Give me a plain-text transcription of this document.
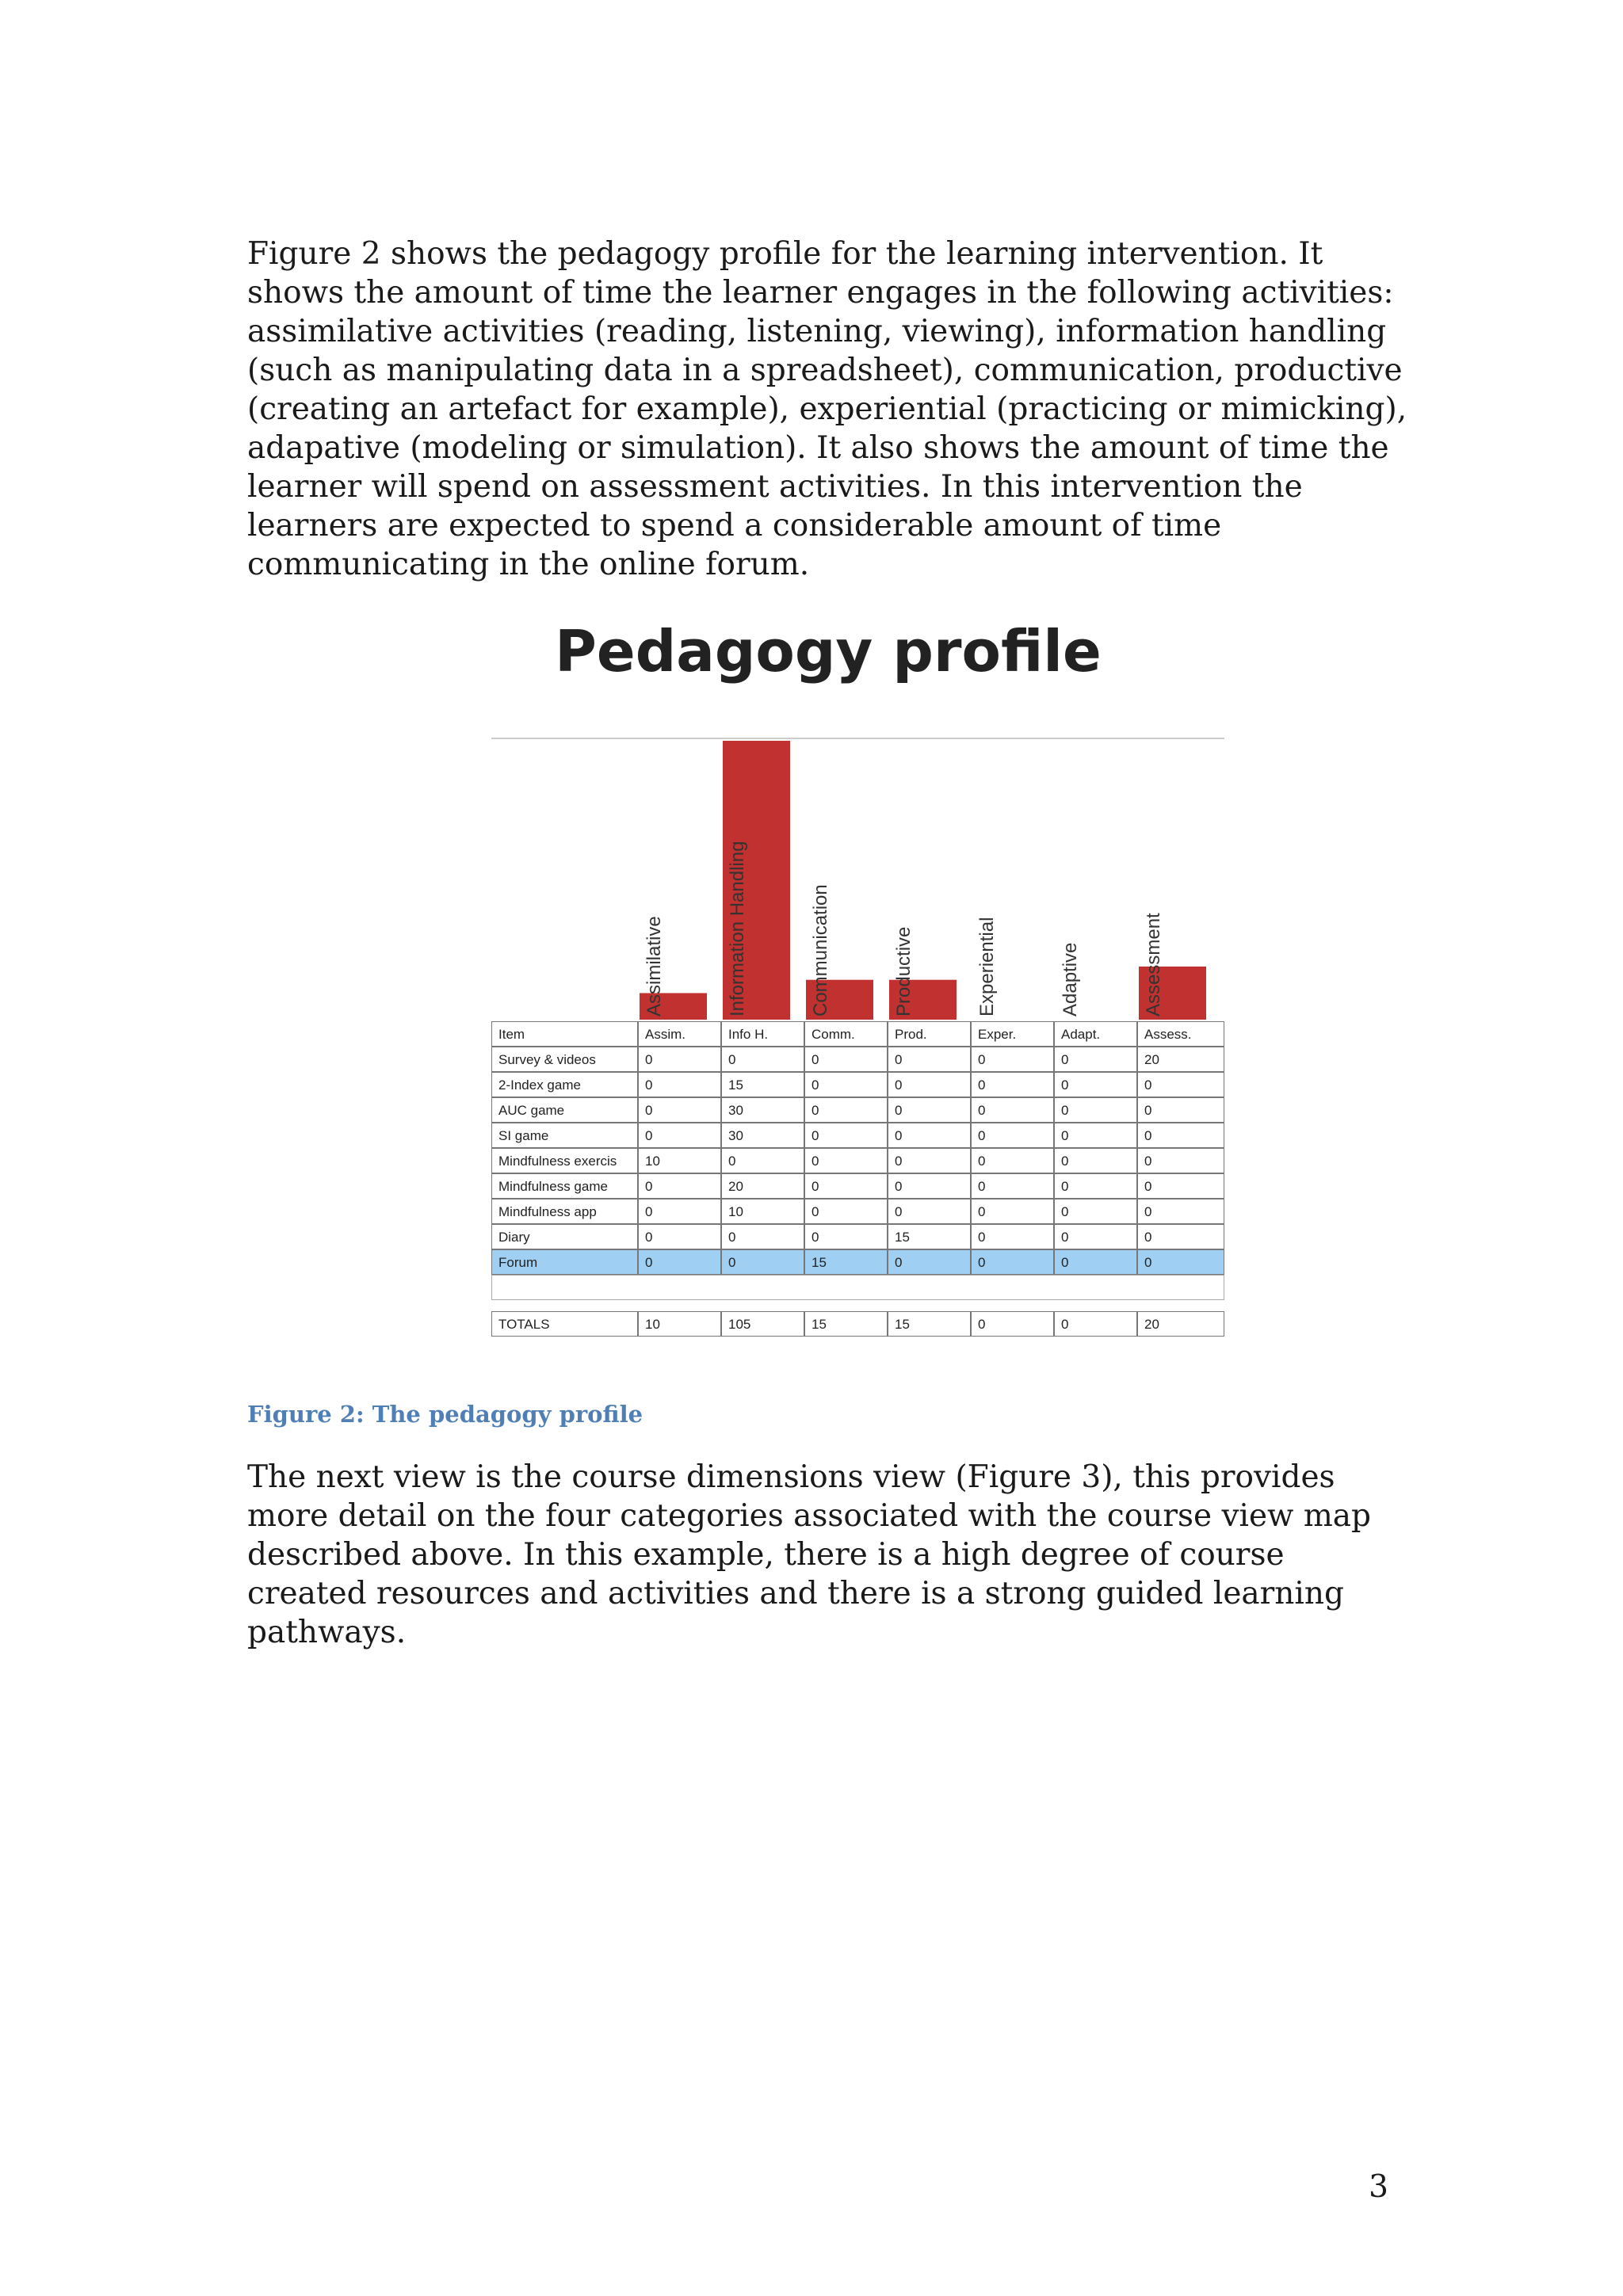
Figure 2 shows the pedagogy profile for the learning intervention. It shows the amount of time the learner engages in the following activities: assimilative activities (reading, listening, viewing), information handling (such as manipulating data in a spreadsheet), communication, productive (creating an artefact for example), experiential (practicing or mimicking), adapative (modeling or simulation). It also shows the amount of time the learner will spend on assessment activities. In this intervention the learners are expected to spend a considerable amount of time communicating in the online forum.

Pedagogy profile
Assimilative	Information Handling	Communication	Productive	Experiential	Adaptive	Assessment
Item	Assim.	Info H.	Comm.	Prod.	Exper.	Adapt.	Assess.
Survey & videos	0	0	0	0	0	0	20
2-Index game	0	15	0	0	0	0	0
AUC game	0	30	0	0	0	0	0
SI game	0	30	0	0	0	0	0
Mindfulness exercis	10	0	0	0	0	0	0
Mindfulness game	0	20	0	0	0	0	0
Mindfulness app	0	10	0	0	0	0	0
Diary	0	0	0	15	0	0	0
Forum	0	0	15	0	0	0	0
TOTALS	10	105	15	15	0	0	20

Figure 2: The pedagogy profile

The next view is the course dimensions view (Figure 3), this provides more detail on the four categories associated with the course view map described above. In this example, there is a high degree of course created resources and activities and there is a strong guided learning pathways.

3
